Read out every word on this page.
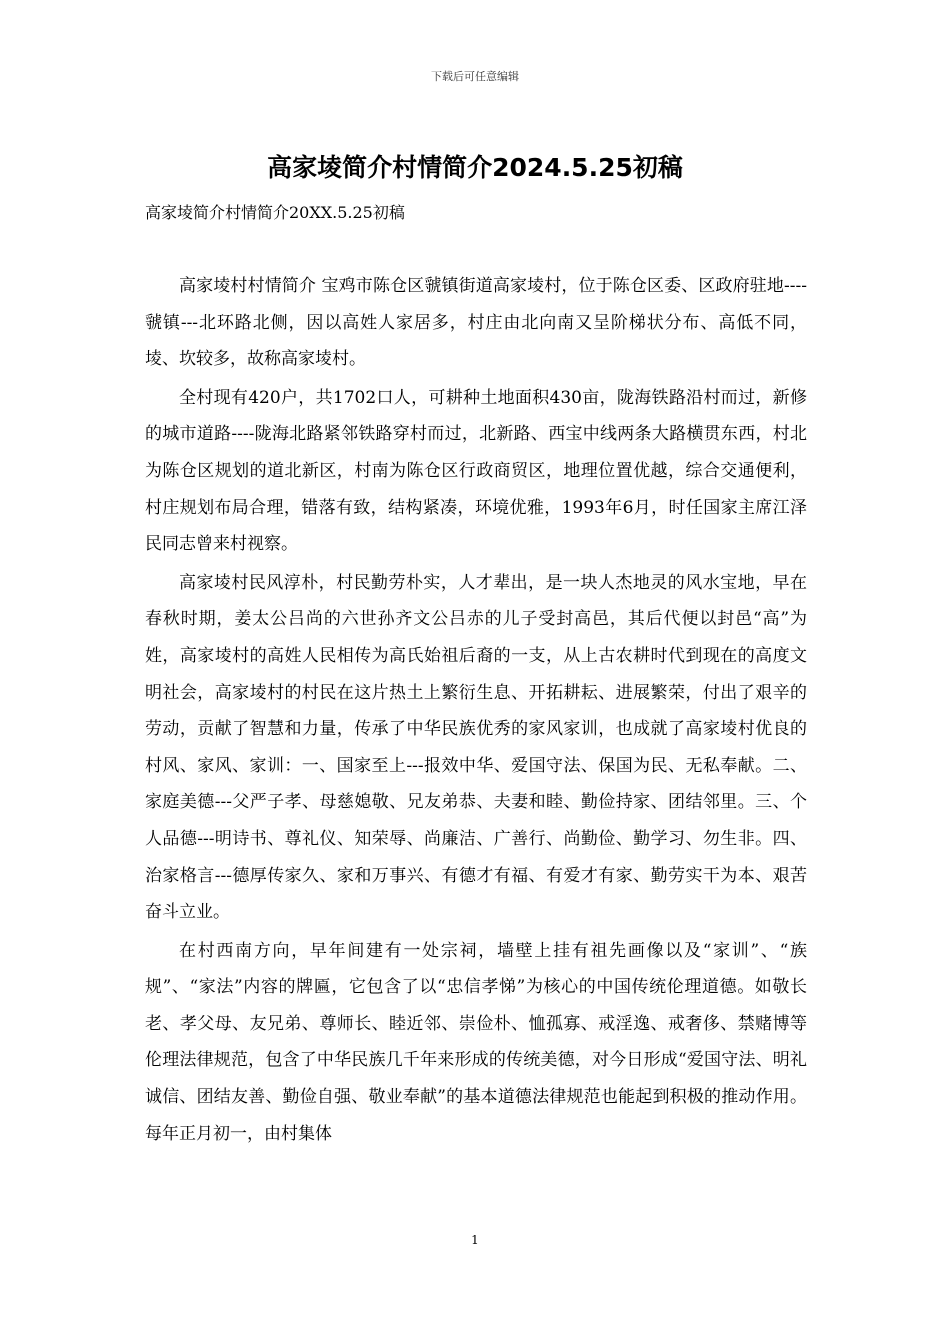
下载后可任意编辑
高家堎简介村情简介2024.5.25初稿
高家堎简介村情简介20XX.5.25初稿

高家堎村村情简介 宝鸡市陈仓区虢镇街道高家堎村，位于陈仓区委、区政府驻地----虢镇---北环路北侧，因以高姓人家居多，村庄由北向南又呈阶梯状分布、高低不同，堎、坎较多，故称高家堎村。

全村现有420户，共1702口人，可耕种土地面积430亩，陇海铁路沿村而过，新修的城市道路----陇海北路紧邻铁路穿村而过，北新路、西宝中线两条大路横贯东西，村北为陈仓区规划的道北新区，村南为陈仓区行政商贸区，地理位置优越，综合交通便利，村庄规划布局合理，错落有致，结构紧凑，环境优雅，1993年6月，时任国家主席江泽民同志曾来村视察。

高家堎村民风淳朴，村民勤劳朴实，人才辈出，是一块人杰地灵的风水宝地，早在春秋时期，姜太公吕尚的六世孙齐文公吕赤的儿子受封高邑，其后代便以封邑“高”为姓，高家堎村的高姓人民相传为高氏始祖后裔的一支，从上古农耕时代到现在的高度文明社会，高家堎村的村民在这片热土上繁衍生息、开拓耕耘、进展繁荣，付出了艰辛的劳动，贡献了智慧和力量，传承了中华民族优秀的家风家训，也成就了高家堎村优良的村风、家风、家训：一、国家至上---报效中华、爱国守法、保国为民、无私奉献。二、家庭美德---父严子孝、母慈媳敬、兄友弟恭、夫妻和睦、勤俭持家、团结邻里。三、个人品德---明诗书、尊礼仪、知荣辱、尚廉洁、广善行、尚勤俭、勤学习、勿生非。四、治家格言---德厚传家久、家和万事兴、有德才有福、有爱才有家、勤劳实干为本、艰苦奋斗立业。

在村西南方向，早年间建有一处宗祠，墙壁上挂有祖先画像以及“家训”、“族规”、“家法”内容的牌匾，它包含了以“忠信孝悌”为核心的中国传统伦理道德。如敬长老、孝父母、友兄弟、尊师长、睦近邻、崇俭朴、恤孤寡、戒淫逸、戒奢侈、禁赌博等伦理法律规范，包含了中华民族几千年来形成的传统美德，对今日形成“爱国守法、明礼诚信、团结友善、勤俭自强、敬业奉献”的基本道德法律规范也能起到积极的推动作用。每年正月初一，由村集体

1
